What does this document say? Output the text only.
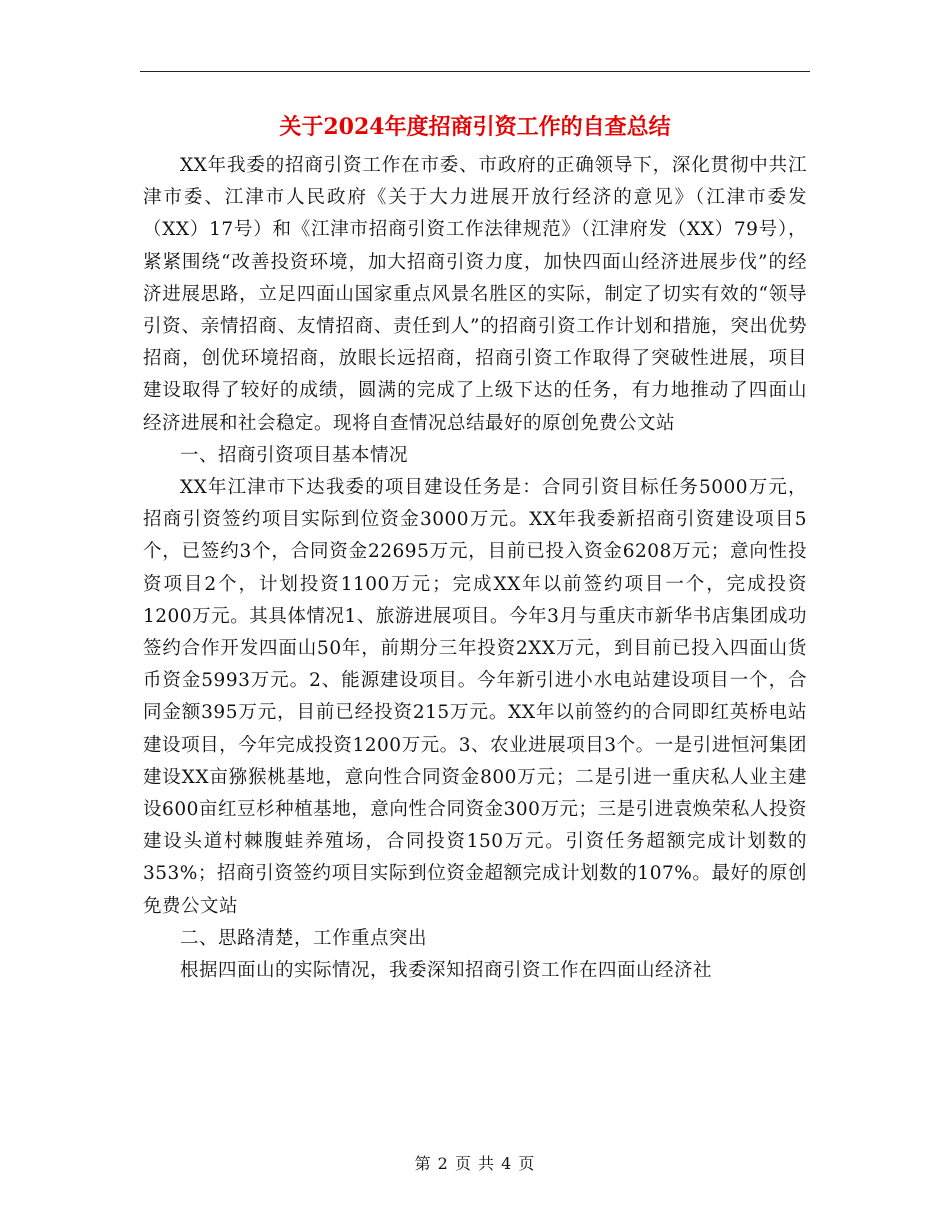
关于2024年度招商引资工作的自查总结

XX年我委的招商引资工作在市委、市政府的正确领导下，深化贯彻中共江津市委、江津市人民政府《关于大力进展开放行经济的意见》（江津市委发（XX）17号）和《江津市招商引资工作法律规范》（江津府发（XX）79号），紧紧围绕“改善投资环境，加大招商引资力度，加快四面山经济进展步伐”的经济进展思路，立足四面山国家重点风景名胜区的实际，制定了切实有效的“领导引资、亲情招商、友情招商、责任到人”的招商引资工作计划和措施，突出优势招商，创优环境招商，放眼长远招商，招商引资工作取得了突破性进展，项目建设取得了较好的成绩，圆满的完成了上级下达的任务，有力地推动了四面山经济进展和社会稳定。现将自查情况总结最好的原创免费公文站

一、招商引资项目基本情况

XX年江津市下达我委的项目建设任务是：合同引资目标任务5000万元，招商引资签约项目实际到位资金3000万元。XX年我委新招商引资建设项目5个，已签约3个，合同资金22695万元，目前已投入资金6208万元；意向性投资项目2个，计划投资1100万元；完成XX年以前签约项目一个，完成投资1200万元。其具体情况1、旅游进展项目。今年3月与重庆市新华书店集团成功签约合作开发四面山50年，前期分三年投资2XX万元，到目前已投入四面山货币资金5993万元。2、能源建设项目。今年新引进小水电站建设项目一个，合同金额395万元，目前已经投资215万元。XX年以前签约的合同即红英桥电站建设项目，今年完成投资1200万元。3、农业进展项目3个。一是引进恒河集团建设XX亩猕猴桃基地，意向性合同资金800万元；二是引进一重庆私人业主建设600亩红豆杉种植基地，意向性合同资金300万元；三是引进袁焕荣私人投资建设头道村棘腹蛙养殖场，合同投资150万元。引资任务超额完成计划数的353%；招商引资签约项目实际到位资金超额完成计划数的107%。最好的原创免费公文站

二、思路清楚，工作重点突出

根据四面山的实际情况，我委深知招商引资工作在四面山经济社

第 2 页 共 4 页
